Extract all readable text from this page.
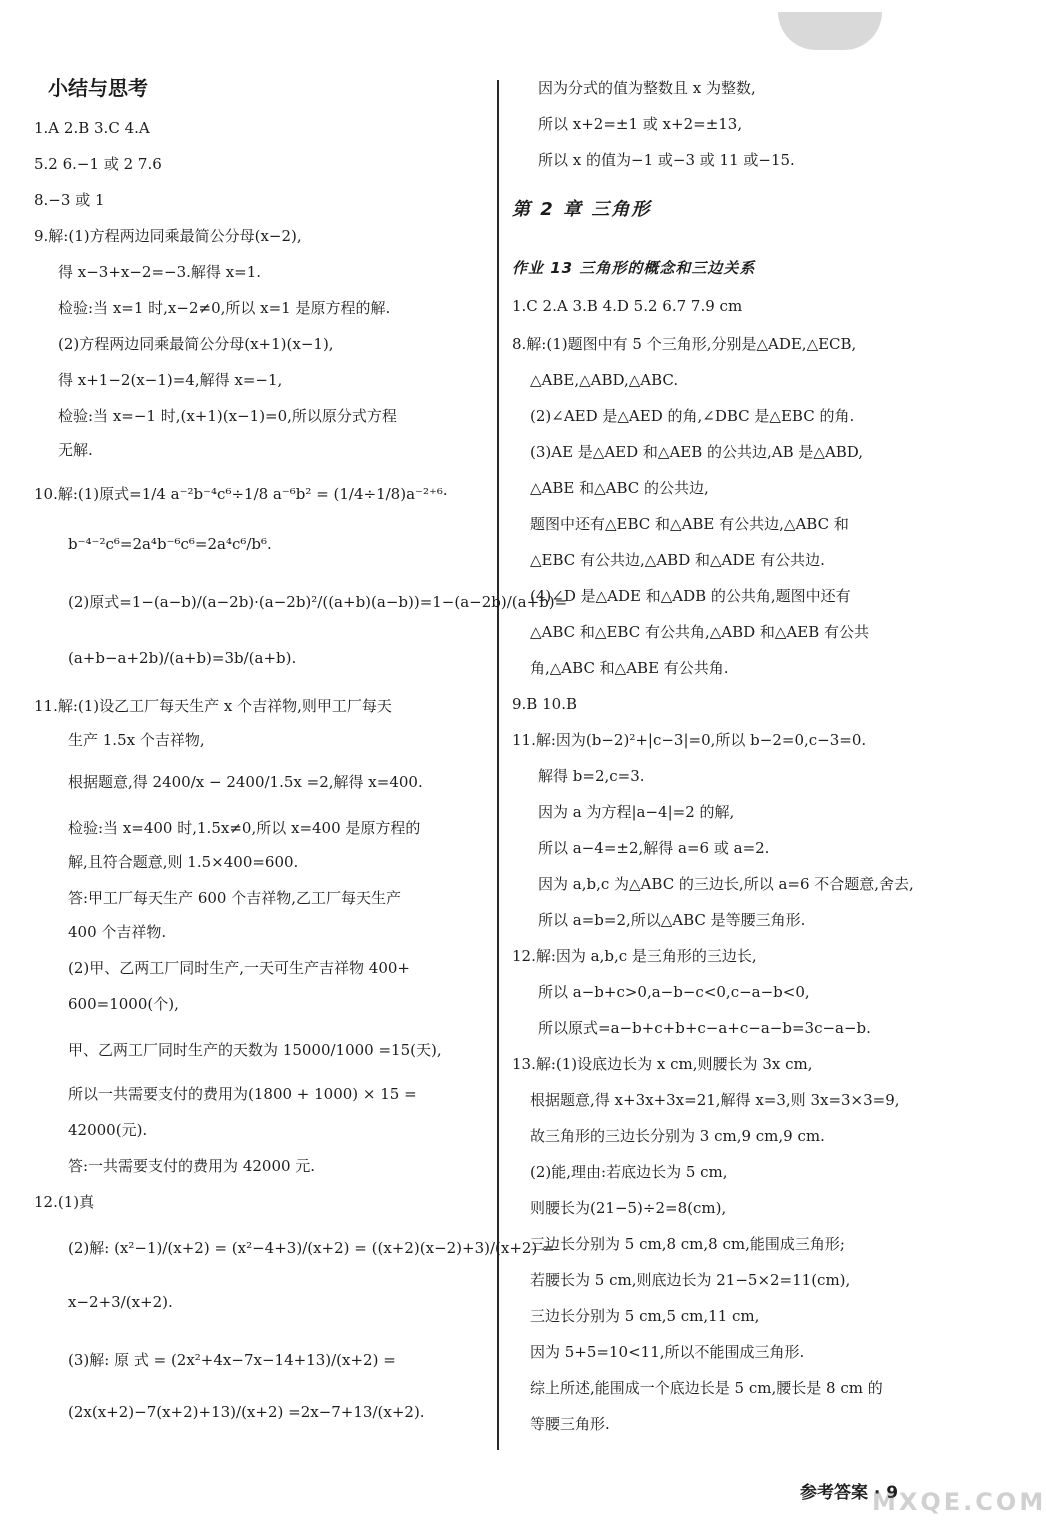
小结与思考
1.A 2.B 3.C 4.A
5.2 6.−1 或 2 7.6
8.−3 或 1
9.解:(1)方程两边同乘最简公分母(x−2),
得 x−3+x−2=−3.解得 x=1.
检验:当 x=1 时,x−2≠0,所以 x=1 是原方程的解.
(2)方程两边同乘最简公分母(x+1)(x−1),
得 x+1−2(x−1)=4,解得 x=−1,
检验:当 x=−1 时,(x+1)(x−1)=0,所以原分式方程
无解.
10.解:(1)原式=1/4 a⁻²b⁻⁴c⁶÷1/8 a⁻⁶b² = (1/4÷1/8)a⁻²⁺⁶·
b⁻⁴⁻²c⁶=2a⁴b⁻⁶c⁶=2a⁴c⁶/b⁶.
(2)原式=1−(a−b)/(a−2b)·(a−2b)²/((a+b)(a−b))=1−(a−2b)/(a+b)=
(a+b−a+2b)/(a+b)=3b/(a+b).
11.解:(1)设乙工厂每天生产 x 个吉祥物,则甲工厂每天
生产 1.5x 个吉祥物,
根据题意,得 2400/x − 2400/1.5x =2,解得 x=400.
检验:当 x=400 时,1.5x≠0,所以 x=400 是原方程的
解,且符合题意,则 1.5×400=600.
答:甲工厂每天生产 600 个吉祥物,乙工厂每天生产
400 个吉祥物.
(2)甲、乙两工厂同时生产,一天可生产吉祥物 400+
600=1000(个),
甲、乙两工厂同时生产的天数为 15000/1000 =15(天),
所以一共需要支付的费用为(1800 + 1000) × 15 =
42000(元).
答:一共需要支付的费用为 42000 元.
12.(1)真
(2)解: (x²−1)/(x+2) = (x²−4+3)/(x+2) = ((x+2)(x−2)+3)/(x+2) =
x−2+3/(x+2).
(3)解: 原 式 = (2x²+4x−7x−14+13)/(x+2) =
(2x(x+2)−7(x+2)+13)/(x+2) =2x−7+13/(x+2).
因为分式的值为整数且 x 为整数,
所以 x+2=±1 或 x+2=±13,
所以 x 的值为−1 或−3 或 11 或−15.
第 2 章 三角形
作业 13 三角形的概念和三边关系
1.C 2.A 3.B 4.D 5.2 6.7 7.9 cm
8.解:(1)题图中有 5 个三角形,分别是△ADE,△ECB,
△ABE,△ABD,△ABC.
(2)∠AED 是△AED 的角,∠DBC 是△EBC 的角.
(3)AE 是△AED 和△AEB 的公共边,AB 是△ABD,
△ABE 和△ABC 的公共边,
题图中还有△EBC 和△ABE 有公共边,△ABC 和
△EBC 有公共边,△ABD 和△ADE 有公共边.
(4)∠D 是△ADE 和△ADB 的公共角,题图中还有
△ABC 和△EBC 有公共角,△ABD 和△AEB 有公共
角,△ABC 和△ABE 有公共角.
9.B 10.B
11.解:因为(b−2)²+|c−3|=0,所以 b−2=0,c−3=0.
解得 b=2,c=3.
因为 a 为方程|a−4|=2 的解,
所以 a−4=±2,解得 a=6 或 a=2.
因为 a,b,c 为△ABC 的三边长,所以 a=6 不合题意,舍去,
所以 a=b=2,所以△ABC 是等腰三角形.
12.解:因为 a,b,c 是三角形的三边长,
所以 a−b+c>0,a−b−c<0,c−a−b<0,
所以原式=a−b+c+b+c−a+c−a−b=3c−a−b.
13.解:(1)设底边长为 x cm,则腰长为 3x cm,
根据题意,得 x+3x+3x=21,解得 x=3,则 3x=3×3=9,
故三角形的三边长分别为 3 cm,9 cm,9 cm.
(2)能,理由:若底边长为 5 cm,
则腰长为(21−5)÷2=8(cm),
三边长分别为 5 cm,8 cm,8 cm,能围成三角形;
若腰长为 5 cm,则底边长为 21−5×2=11(cm),
三边长分别为 5 cm,5 cm,11 cm,
因为 5+5=10<11,所以不能围成三角形.
综上所述,能围成一个底边长是 5 cm,腰长是 8 cm 的
等腰三角形.
参考答案 · 9
MXQE.COM
